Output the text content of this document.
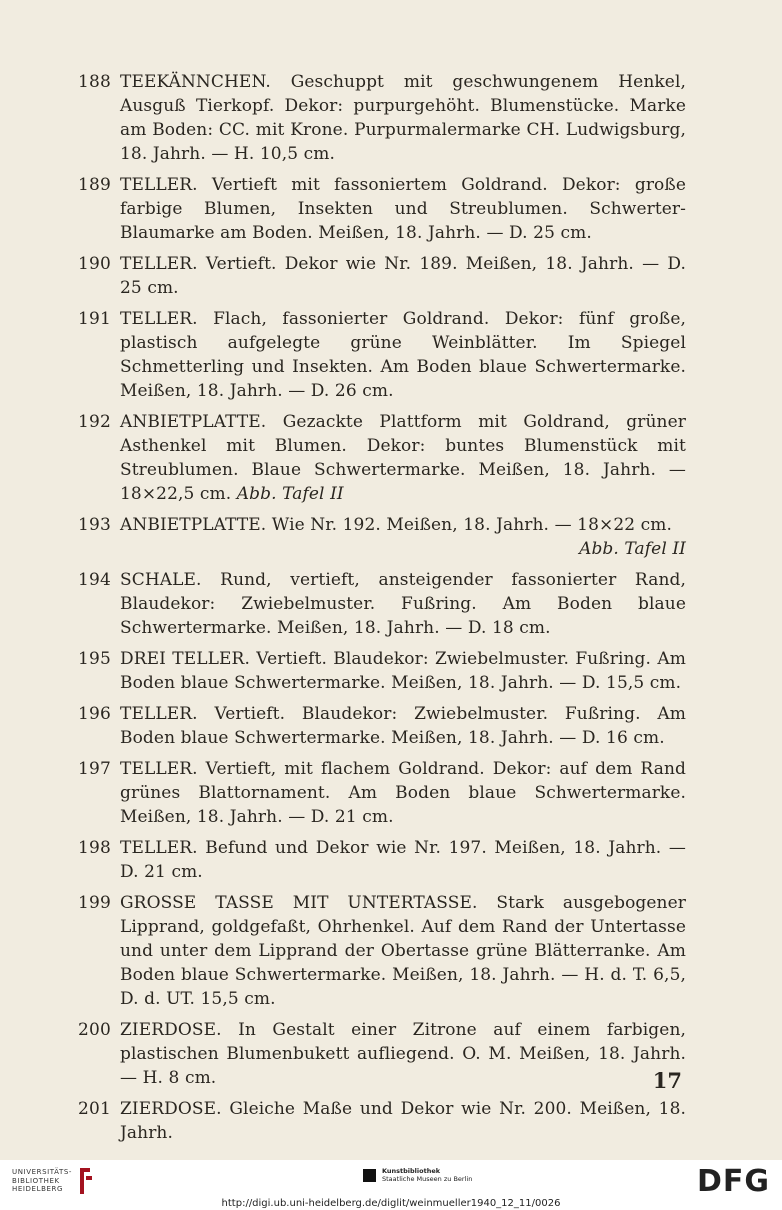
188 TEEKÄNNCHEN. Geschuppt mit geschwungenem Henkel, Ausguß Tierkopf. Dekor: purpurgehöht. Blumenstücke. Marke am Boden: CC. mit Krone. Purpurmalermarke CH. Ludwigsburg, 18. Jahrh. — H. 10,5 cm.
189 TELLER. Vertieft mit fassoniertem Goldrand. Dekor: große farbige Blumen, Insekten und Streublumen. Schwerter-Blaumarke am Boden. Meißen, 18. Jahrh. — D. 25 cm.
190 TELLER. Vertieft. Dekor wie Nr. 189. Meißen, 18. Jahrh. — D. 25 cm.
191 TELLER. Flach, fassonierter Goldrand. Dekor: fünf große, plastisch aufgelegte grüne Weinblätter. Im Spiegel Schmetterling und Insekten. Am Boden blaue Schwertermarke. Meißen, 18. Jahrh. — D. 26 cm.
192 ANBIETPLATTE. Gezackte Plattform mit Goldrand, grüner Asthenkel mit Blumen. Dekor: buntes Blumenstück mit Streublumen. Blaue Schwertermarke. Meißen, 18. Jahrh. — 18×22,5 cm. Abb. Tafel II
193 ANBIETPLATTE. Wie Nr. 192. Meißen, 18. Jahrh. — 18×22 cm.
Abb. Tafel II
194 SCHALE. Rund, vertieft, ansteigender fassonierter Rand, Blaudekor: Zwiebelmuster. Fußring. Am Boden blaue Schwertermarke. Meißen, 18. Jahrh. — D. 18 cm.
195 DREI TELLER. Vertieft. Blaudekor: Zwiebelmuster. Fußring. Am Boden blaue Schwertermarke. Meißen, 18. Jahrh. — D. 15,5 cm.
196 TELLER. Vertieft. Blaudekor: Zwiebelmuster. Fußring. Am Boden blaue Schwertermarke. Meißen, 18. Jahrh. — D. 16 cm.
197 TELLER. Vertieft, mit flachem Goldrand. Dekor: auf dem Rand grünes Blattornament. Am Boden blaue Schwertermarke. Meißen, 18. Jahrh. — D. 21 cm.
198 TELLER. Befund und Dekor wie Nr. 197. Meißen, 18. Jahrh. — D. 21 cm.
199 GROSSE TASSE MIT UNTERTASSE. Stark ausgebogener Lipprand, goldgefaßt, Ohrhenkel. Auf dem Rand der Untertasse und unter dem Lipprand der Obertasse grüne Blätterranke. Am Boden blaue Schwertermarke. Meißen, 18. Jahrh. — H. d. T. 6,5, D. d. UT. 15,5 cm.
200 ZIERDOSE. In Gestalt einer Zitrone auf einem farbigen, plastischen Blumenbukett aufliegend. O. M. Meißen, 18. Jahrh. — H. 8 cm.
201 ZIERDOSE. Gleiche Maße und Dekor wie Nr. 200. Meißen, 18. Jahrh.
17
UNIVERSITÄTS-
BIBLIOTHEK
HEIDELBERG
Kunstbibliothek
Staatliche Museen zu Berlin	DFG
http://digi.ub.uni-heidelberg.de/diglit/weinmueller1940_12_11/0026
